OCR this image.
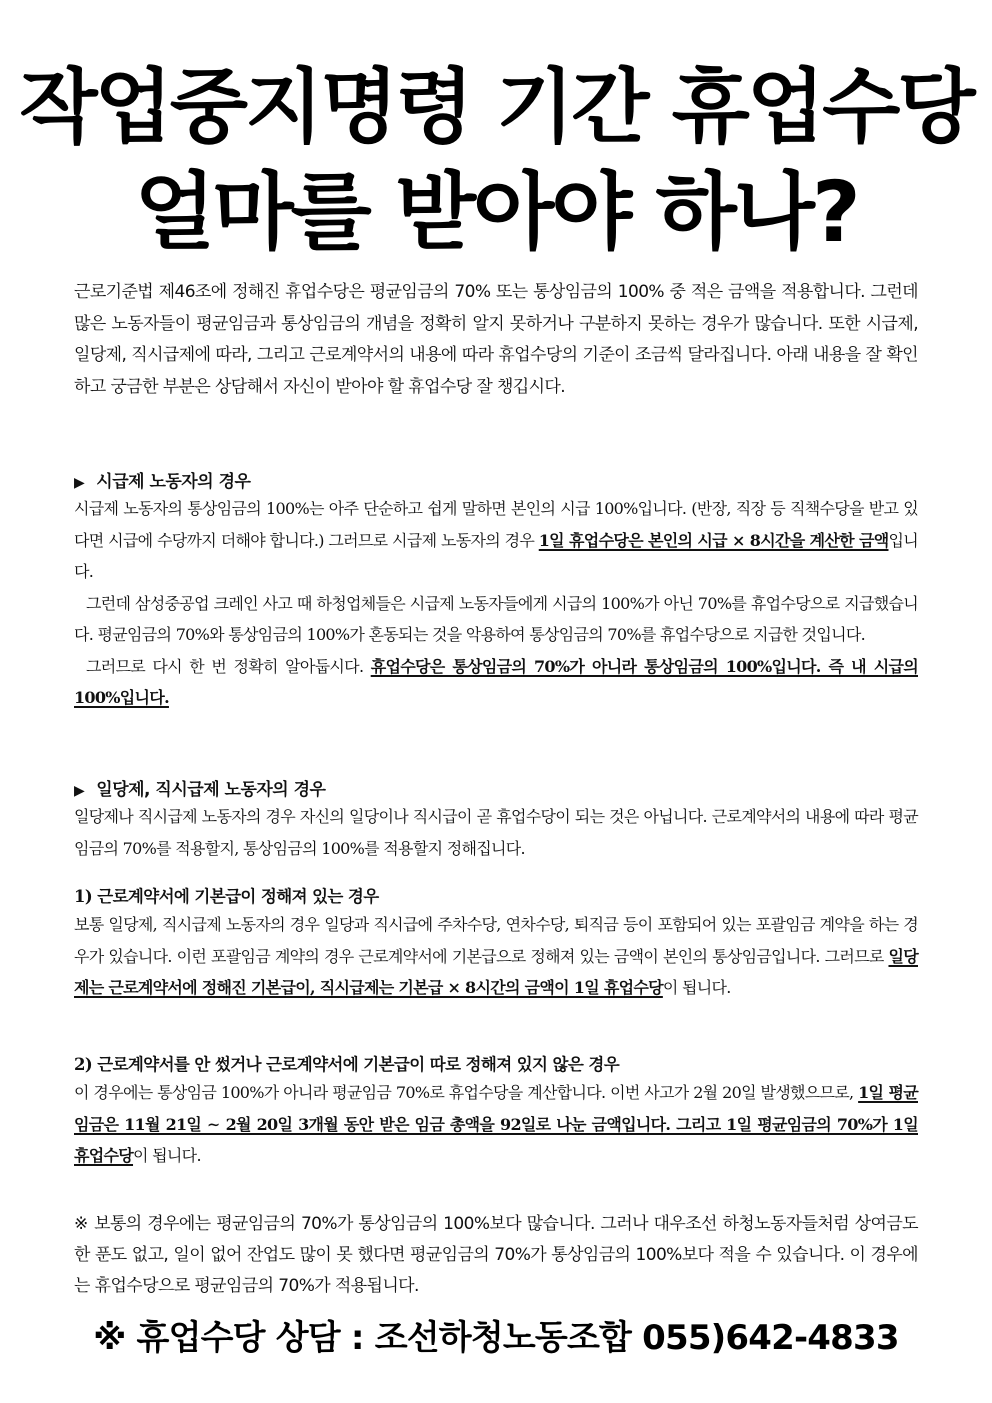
작업중지명령 기간 휴업수당
얼마를 받아야 하나?

근로기준법 제46조에 정해진 휴업수당은 평균임금의 70% 또는 통상임금의 100% 중 적은 금액을 적용합니다. 그런데 많은 노동자들이 평균임금과 통상임금의 개념을 정확히 알지 못하거나 구분하지 못하는 경우가 많습니다. 또한 시급제, 일당제, 직시급제에 따라, 그리고 근로계약서의 내용에 따라 휴업수당의 기준이 조금씩 달라집니다. 아래 내용을 잘 확인하고 궁금한 부분은 상담해서 자신이 받아야 할 휴업수당 잘 챙깁시다.

▶ 시급제 노동자의 경우
시급제 노동자의 통상임금의 100%는 아주 단순하고 쉽게 말하면 본인의 시급 100%입니다. (반장, 직장 등 직책수당을 받고 있다면 시급에 수당까지 더해야 합니다.) 그러므로 시급제 노동자의 경우 1일 휴업수당은 본인의 시급 × 8시간을 계산한 금액입니다.
그런데 삼성중공업 크레인 사고 때 하청업체들은 시급제 노동자들에게 시급의 100%가 아닌 70%를 휴업수당으로 지급했습니다. 평균임금의 70%와 통상임금의 100%가 혼동되는 것을 악용하여 통상임금의 70%를 휴업수당으로 지급한 것입니다.
그러므로 다시 한 번 정확히 알아둡시다. 휴업수당은 통상임금의 70%가 아니라 통상임금의 100%입니다. 즉 내 시급의 100%입니다.
▶ 일당제, 직시급제 노동자의 경우

일당제나 직시급제 노동자의 경우 자신의 일당이나 직시급이 곧 휴업수당이 되는 것은 아닙니다. 근로계약서의 내용에 따라 평균임금의 70%를 적용할지, 통상임금의 100%를 적용할지 정해집니다.

1) 근로계약서에 기본급이 정해져 있는 경우
보통 일당제, 직시급제 노동자의 경우 일당과 직시급에 주차수당, 연차수당, 퇴직금 등이 포함되어 있는 포괄임금 계약을 하는 경우가 있습니다. 이런 포괄임금 계약의 경우 근로계약서에 기본급으로 정해져 있는 금액이 본인의 통상임금입니다. 그러므로 일당제는 근로계약서에 정해진 기본급이, 직시급제는 기본급 × 8시간의 금액이 1일 휴업수당이 됩니다.
2) 근로계약서를 안 썼거나 근로계약서에 기본급이 따로 정해져 있지 않은 경우
이 경우에는 통상임금 100%가 아니라 평균임금 70%로 휴업수당을 계산합니다. 이번 사고가 2월 20일 발생했으므로, 1일 평균임금은 11월 21일 ∼ 2월 20일 3개월 동안 받은 임금 총액을 92일로 나눈 금액입니다. 그리고 1일 평균임금의 70%가 1일 휴업수당이 됩니다.

※ 보통의 경우에는 평균임금의 70%가 통상임금의 100%보다 많습니다. 그러나 대우조선 하청노동자들처럼 상여금도 한 푼도 없고, 일이 없어 잔업도 많이 못 했다면 평균임금의 70%가 통상임금의 100%보다 적을 수 있습니다. 이 경우에는 휴업수당으로 평균임금의 70%가 적용됩니다.

※ 휴업수당 상담 : 조선하청노동조합 055)642-4833
